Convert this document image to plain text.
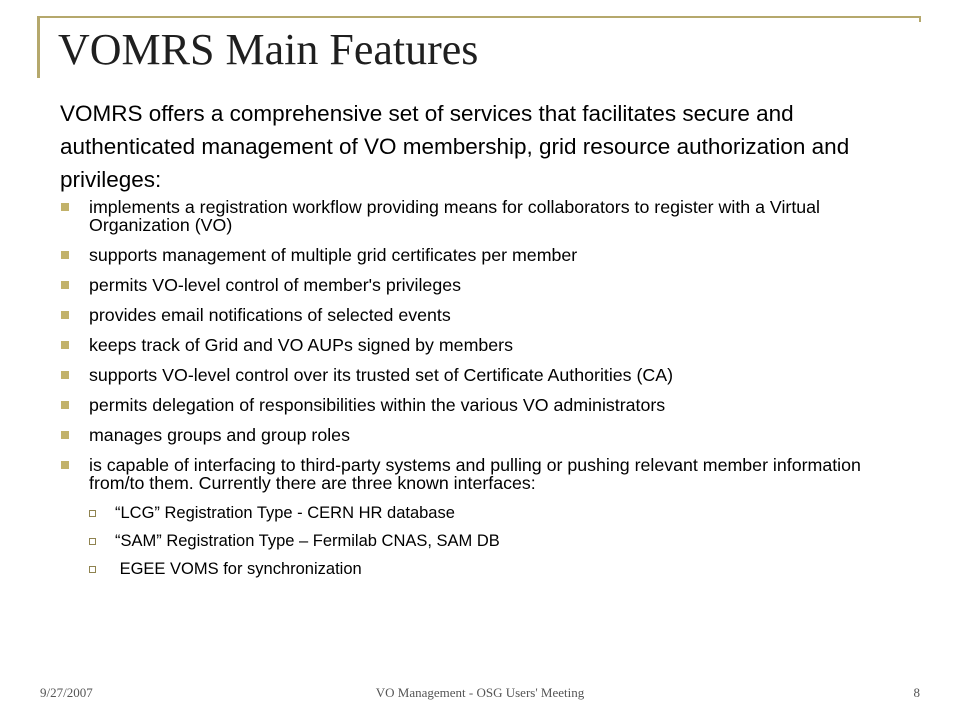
VOMRS Main Features

VOMRS offers a comprehensive set of services that facilitates secure and authenticated management of VO membership, grid resource authorization and privileges:

implements a registration workflow providing means for collaborators to register with a Virtual Organization (VO)
supports management of multiple grid certificates per member
permits VO-level control of member's privileges
provides email notifications of selected events
keeps track of Grid and VO AUPs signed by members
supports VO-level control over its trusted set of Certificate Authorities (CA)
permits delegation of responsibilities within the various VO administrators
manages groups and group roles
is capable of interfacing to third-party systems and pulling or pushing relevant member information from/to them. Currently there are three known interfaces:
“LCG” Registration Type - CERN HR database
“SAM” Registration Type – Fermilab CNAS, SAM DB
EGEE VOMS for synchronization
9/27/2007	VO Management - OSG Users' Meeting	8
